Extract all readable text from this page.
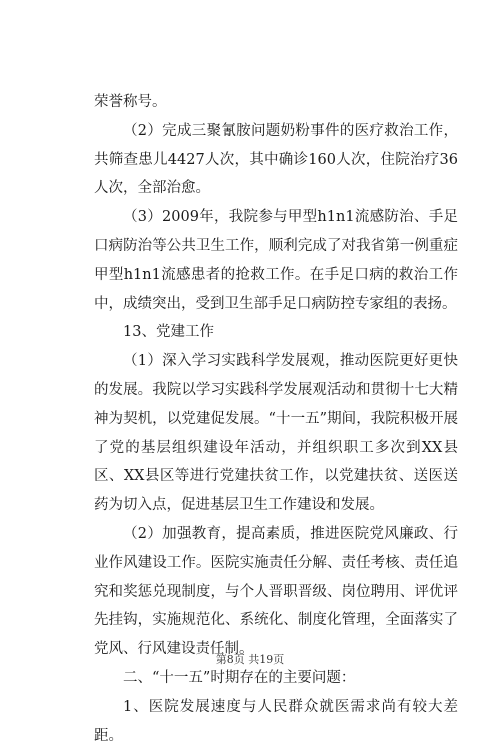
荣誉称号。

（2）完成三聚氰胺问题奶粉事件的医疗救治工作，共筛查患儿4427人次，其中确诊160人次，住院治疗36人次，全部治愈。

（3）2009年，我院参与甲型h1n1流感防治、手足口病防治等公共卫生工作，顺利完成了对我省第一例重症甲型h1n1流感患者的抢救工作。在手足口病的救治工作中，成绩突出，受到卫生部手足口病防控专家组的表扬。

13、党建工作

（1）深入学习实践科学发展观，推动医院更好更快的发展。我院以学习实践科学发展观活动和贯彻十七大精神为契机，以党建促发展。“十一五”期间，我院积极开展了党的基层组织建设年活动，并组织职工多次到XX县区、XX县区等进行党建扶贫工作，以党建扶贫、送医送药为切入点，促进基层卫生工作建设和发展。

（2）加强教育，提高素质，推进医院党风廉政、行业作风建设工作。医院实施责任分解、责任考核、责任追究和奖惩兑现制度，与个人晋职晋级、岗位聘用、评优评先挂钩，实施规范化、系统化、制度化管理，全面落实了党风、行风建设责任制。

二、“十一五”时期存在的主要问题：

1、医院发展速度与人民群众就医需求尚有较大差距。

第8页 共19页
